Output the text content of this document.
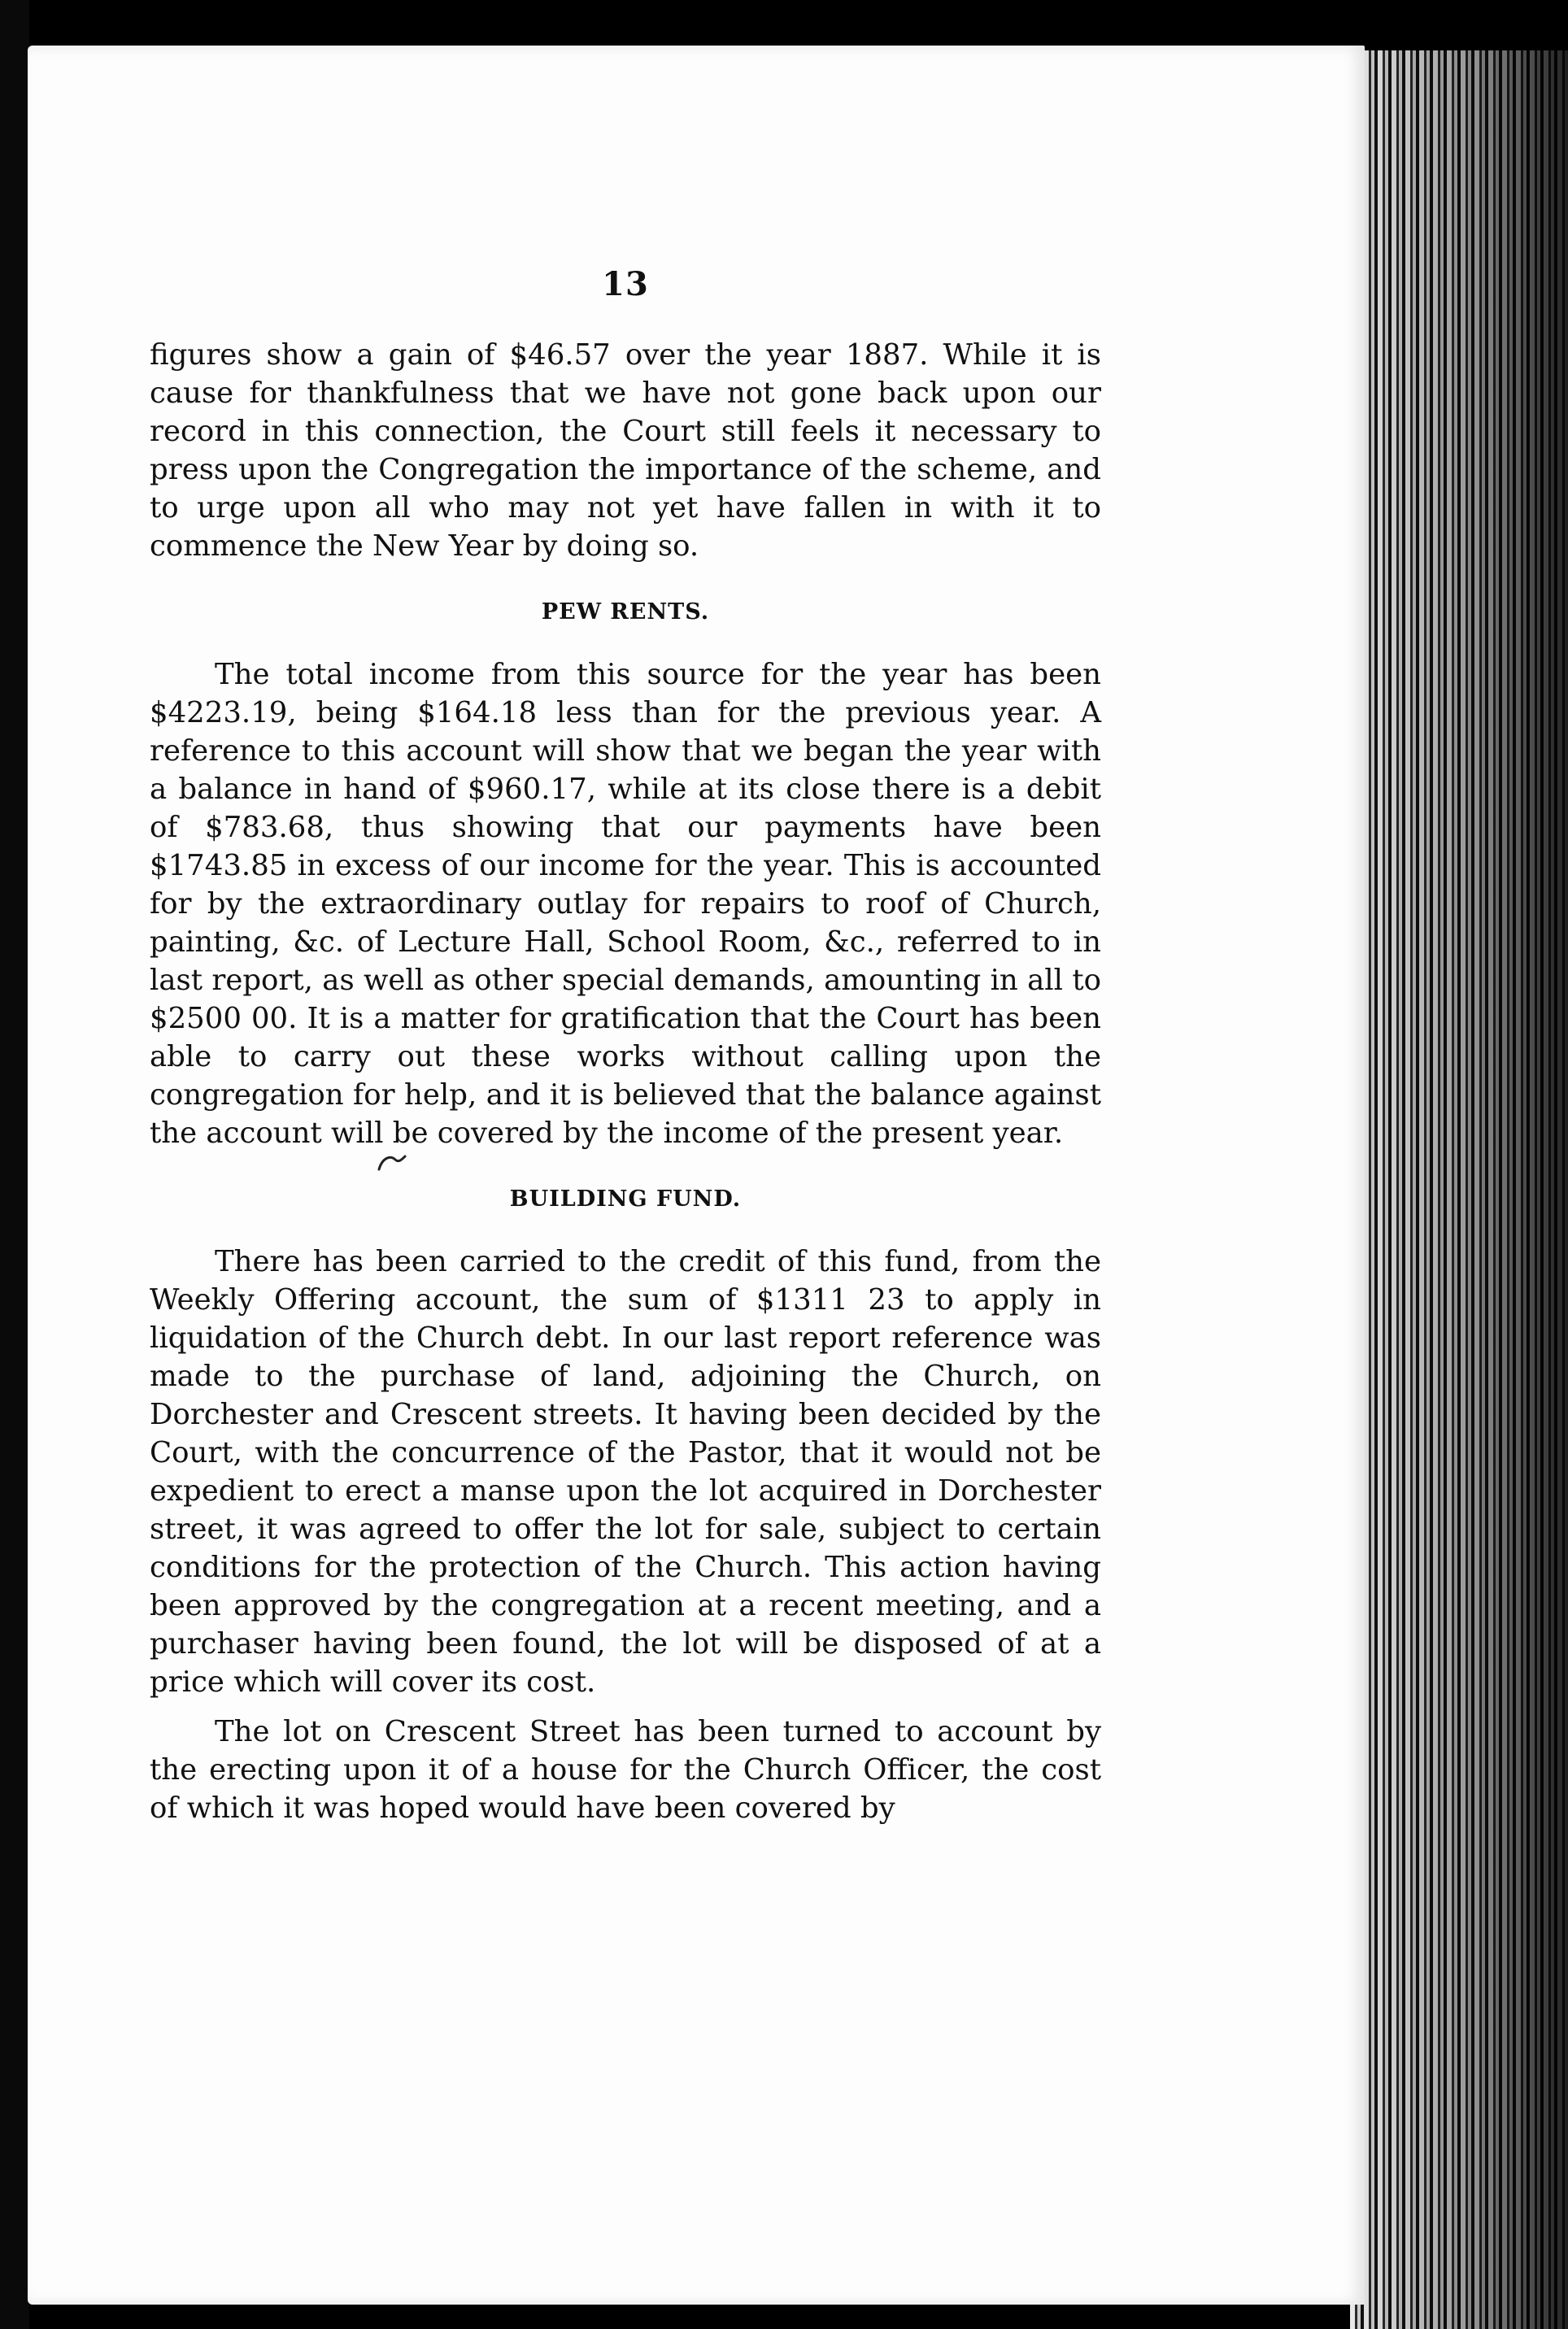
13

figures show a gain of $46.57 over the year 1887. While it is cause for thankfulness that we have not gone back upon our record in this connection, the Court still feels it necessary to press upon the Congregation the importance of the scheme, and to urge upon all who may not yet have fallen in with it to commence the New Year by doing so.

PEW RENTS.

The total income from this source for the year has been $4223.19, being $164.18 less than for the previous year. A reference to this account will show that we began the year with a balance in hand of $960.17, while at its close there is a debit of $783.68, thus showing that our payments have been $1743.85 in excess of our income for the year. This is accounted for by the extraordinary outlay for repairs to roof of Church, painting, &c. of Lecture Hall, School Room, &c., referred to in last report, as well as other special demands, amounting in all to $2500 00. It is a matter for gratification that the Court has been able to carry out these works without calling upon the congregation for help, and it is believed that the balance against the account will be covered by the income of the present year.

BUILDING FUND.

There has been carried to the credit of this fund, from the Weekly Offering account, the sum of $1311 23 to apply in liquidation of the Church debt. In our last report reference was made to the purchase of land, adjoining the Church, on Dorchester and Crescent streets. It having been decided by the Court, with the concurrence of the Pastor, that it would not be expedient to erect a manse upon the lot acquired in Dorchester street, it was agreed to offer the lot for sale, subject to certain conditions for the protection of the Church. This action having been approved by the congregation at a recent meeting, and a purchaser having been found, the lot will be disposed of at a price which will cover its cost.

The lot on Crescent Street has been turned to account by the erecting upon it of a house for the Church Officer, the cost of which it was hoped would have been covered by
